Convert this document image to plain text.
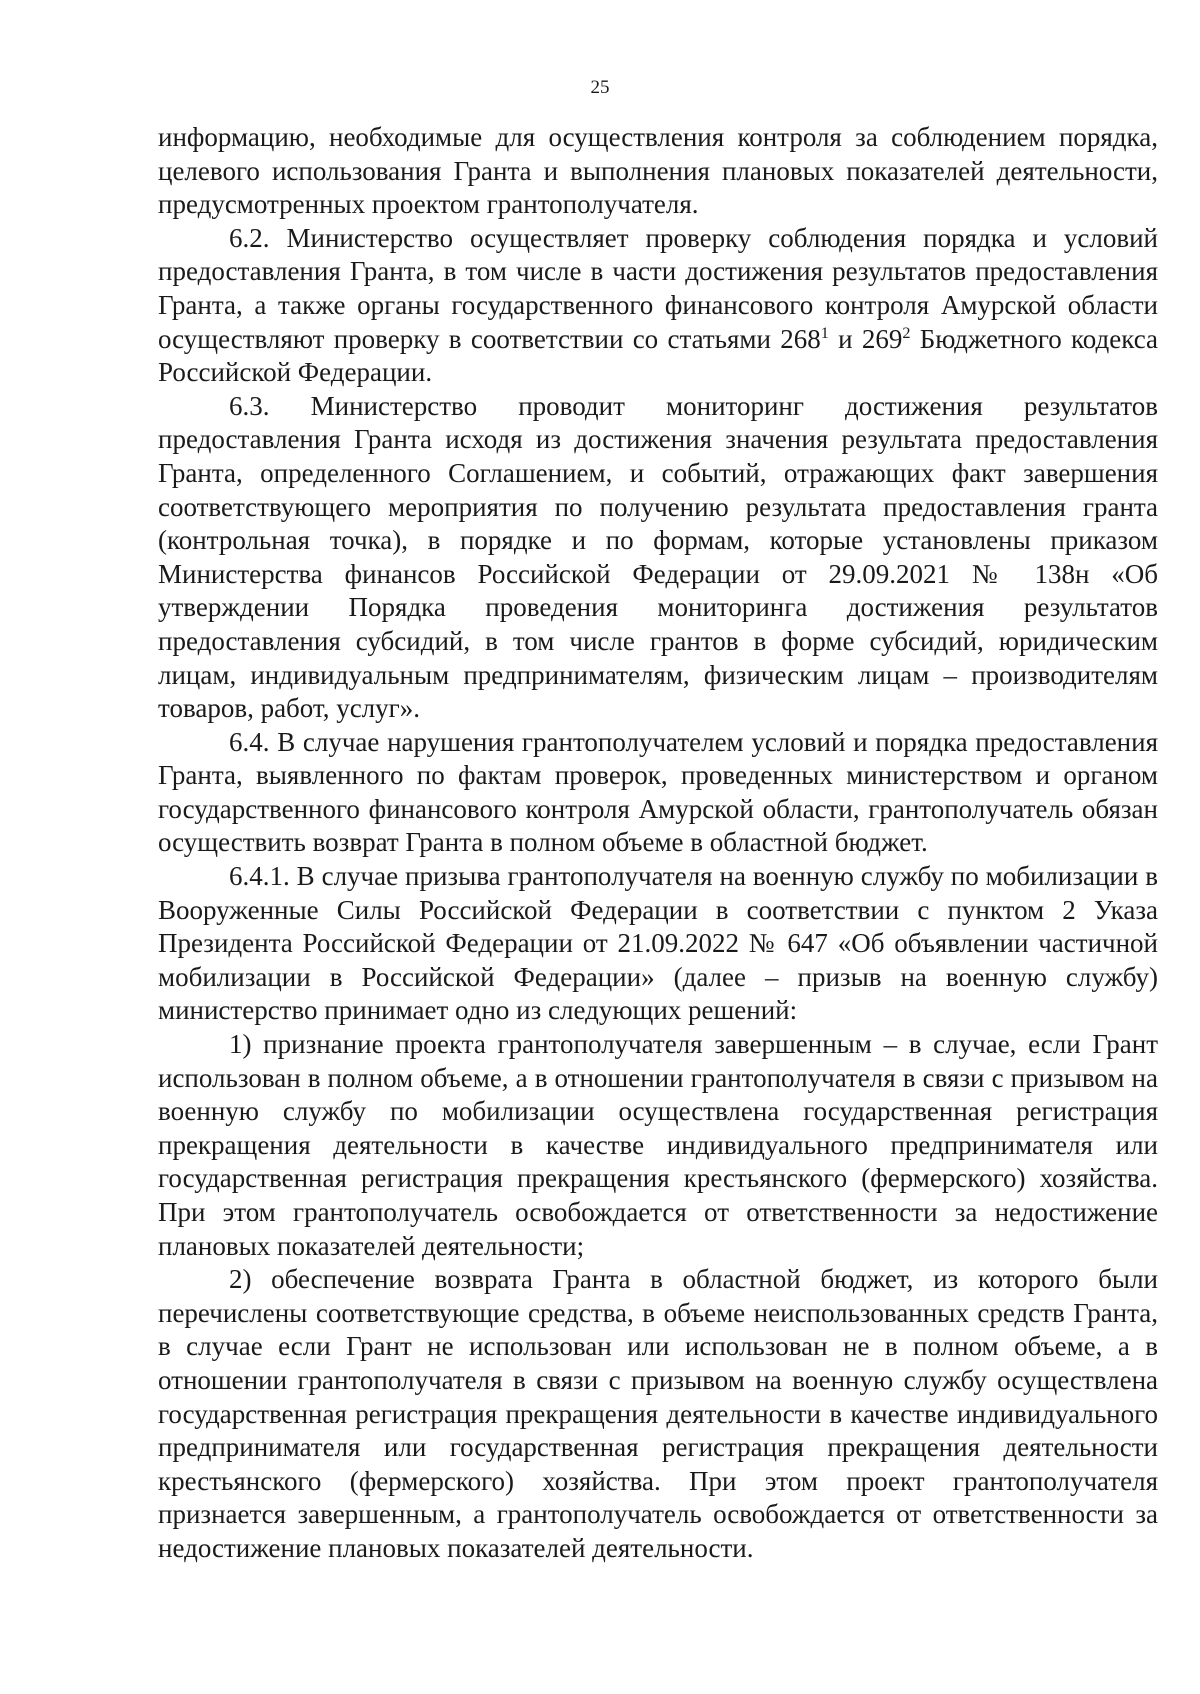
25

информацию, необходимые для осуществления контроля за соблюдением порядка, целевого использования Гранта и выполнения плановых показателей деятельности, предусмотренных проектом грантополучателя.

6.2. Министерство осуществляет проверку соблюдения порядка и условий предоставления Гранта, в том числе в части достижения результатов предоставления Гранта, а также органы государственного финансового контроля Амурской области осуществляют проверку в соответствии со статьями $268^1$ и $269^2$ Бюджетного кодекса Российской Федерации.

6.3. Министерство проводит мониторинг достижения результатов предоставления Гранта исходя из достижения значения результата предоставления Гранта, определенного Соглашением, и событий, отражающих факт завершения соответствующего мероприятия по получению результата предоставления гранта (контрольная точка), в порядке и по формам, которые установлены приказом Министерства финансов Российской Федерации от 29.09.2021 № 138н «Об утверждении Порядка проведения мониторинга достижения результатов предоставления субсидий, в том числе грантов в форме субсидий, юридическим лицам, индивидуальным предпринимателям, физическим лицам – производителям товаров, работ, услуг».

6.4. В случае нарушения грантополучателем условий и порядка предоставления Гранта, выявленного по фактам проверок, проведенных министерством и органом государственного финансового контроля Амурской области, грантополучатель обязан осуществить возврат Гранта в полном объеме в областной бюджет.

6.4.1. В случае призыва грантополучателя на военную службу по мобилизации в Вооруженные Силы Российской Федерации в соответствии с пунктом 2 Указа Президента Российской Федерации от 21.09.2022 № 647 «Об объявлении частичной мобилизации в Российской Федерации» (далее – призыв на военную службу) министерство принимает одно из следующих решений:

1) признание проекта грантополучателя завершенным – в случае, если Грант использован в полном объеме, а в отношении грантополучателя в связи с призывом на военную службу по мобилизации осуществлена государственная регистрация прекращения деятельности в качестве индивидуального предпринимателя или государственная регистрация прекращения крестьянского (фермерского) хозяйства. При этом грантополучатель освобождается от ответственности за недостижение плановых показателей деятельности;

2) обеспечение возврата Гранта в областной бюджет, из которого были перечислены соответствующие средства, в объеме неиспользованных средств Гранта, в случае если Грант не использован или использован не в полном объеме, а в отношении грантополучателя в связи с призывом на военную службу осуществлена государственная регистрация прекращения деятельности в качестве индивидуального предпринимателя или государственная регистрация прекращения деятельности крестьянского (фермерского) хозяйства. При этом проект грантополучателя признается завершенным, а грантополучатель освобождается от ответственности за недостижение плановых показателей деятельности.
